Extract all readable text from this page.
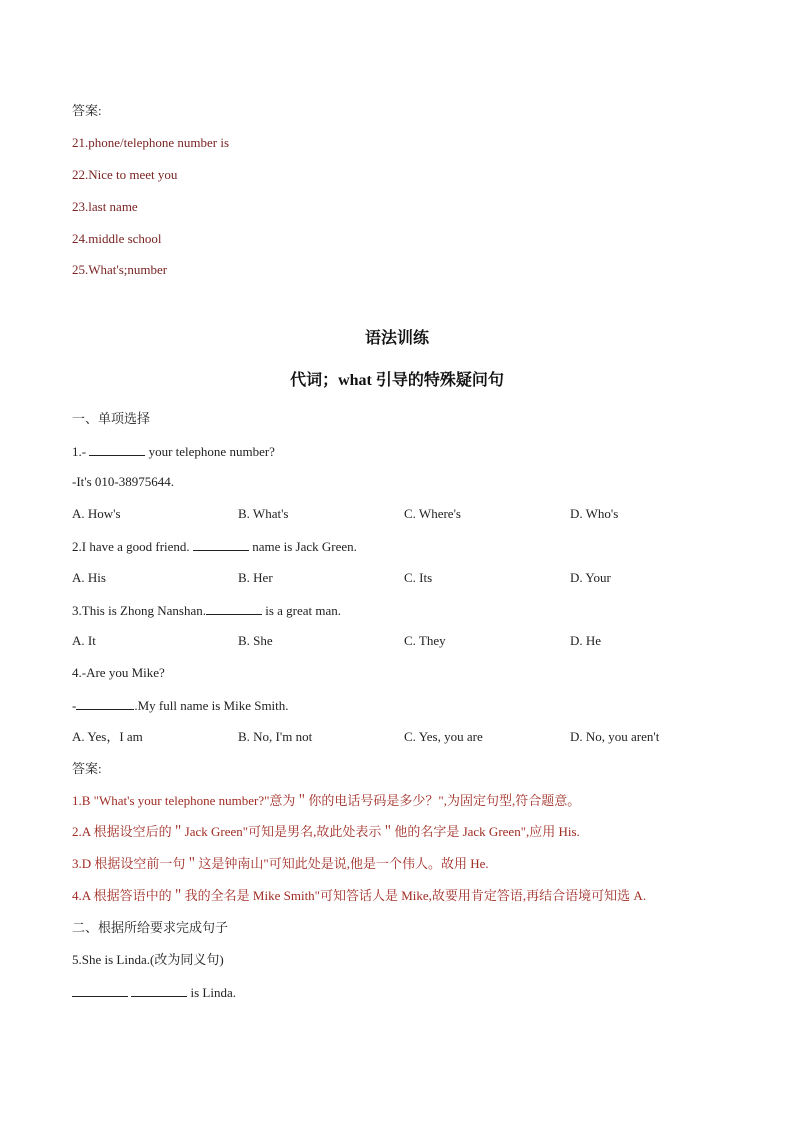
答案:
21.phone/telephone number is
22.Nice to meet you
23.last name
24.middle school
25.What's;number
语法训练
代词；what 引导的特殊疑问句
一、单项选择
1.-	your telephone number?
-It's 010-38975644.
A. How's	B. What's	C. Where's	D. Who's
2.I have a good friend.	name is Jack Green.
A. His	B. Her	C. Its	D. Your
3.This is Zhong Nanshan.	is a great man.
A. It	B. She	C. They	D. He
4.-Are you Mike?
-	.My full name is Mike Smith.
A. Yes，I am	B. No, I'm not	C. Yes, you are	D. No, you aren't
答案:
1.B "What's your telephone number?"意为＂你的电话号码是多少？",为固定句型,符合题意。
2.A 根据设空后的＂Jack Green"可知是男名,故此处表示＂他的名字是 Jack Green",应用 His.
3.D 根据设空前一句＂这是钟南山"可知此处是说,他是一个伟人。故用 He.
4.A 根据答语中的＂我的全名是 Mike Smith"可知答话人是 Mike,故要用肯定答语,再结合语境可知选 A.
二、根据所给要求完成句子
5.She is Linda.(改为同义句)
is Linda.
